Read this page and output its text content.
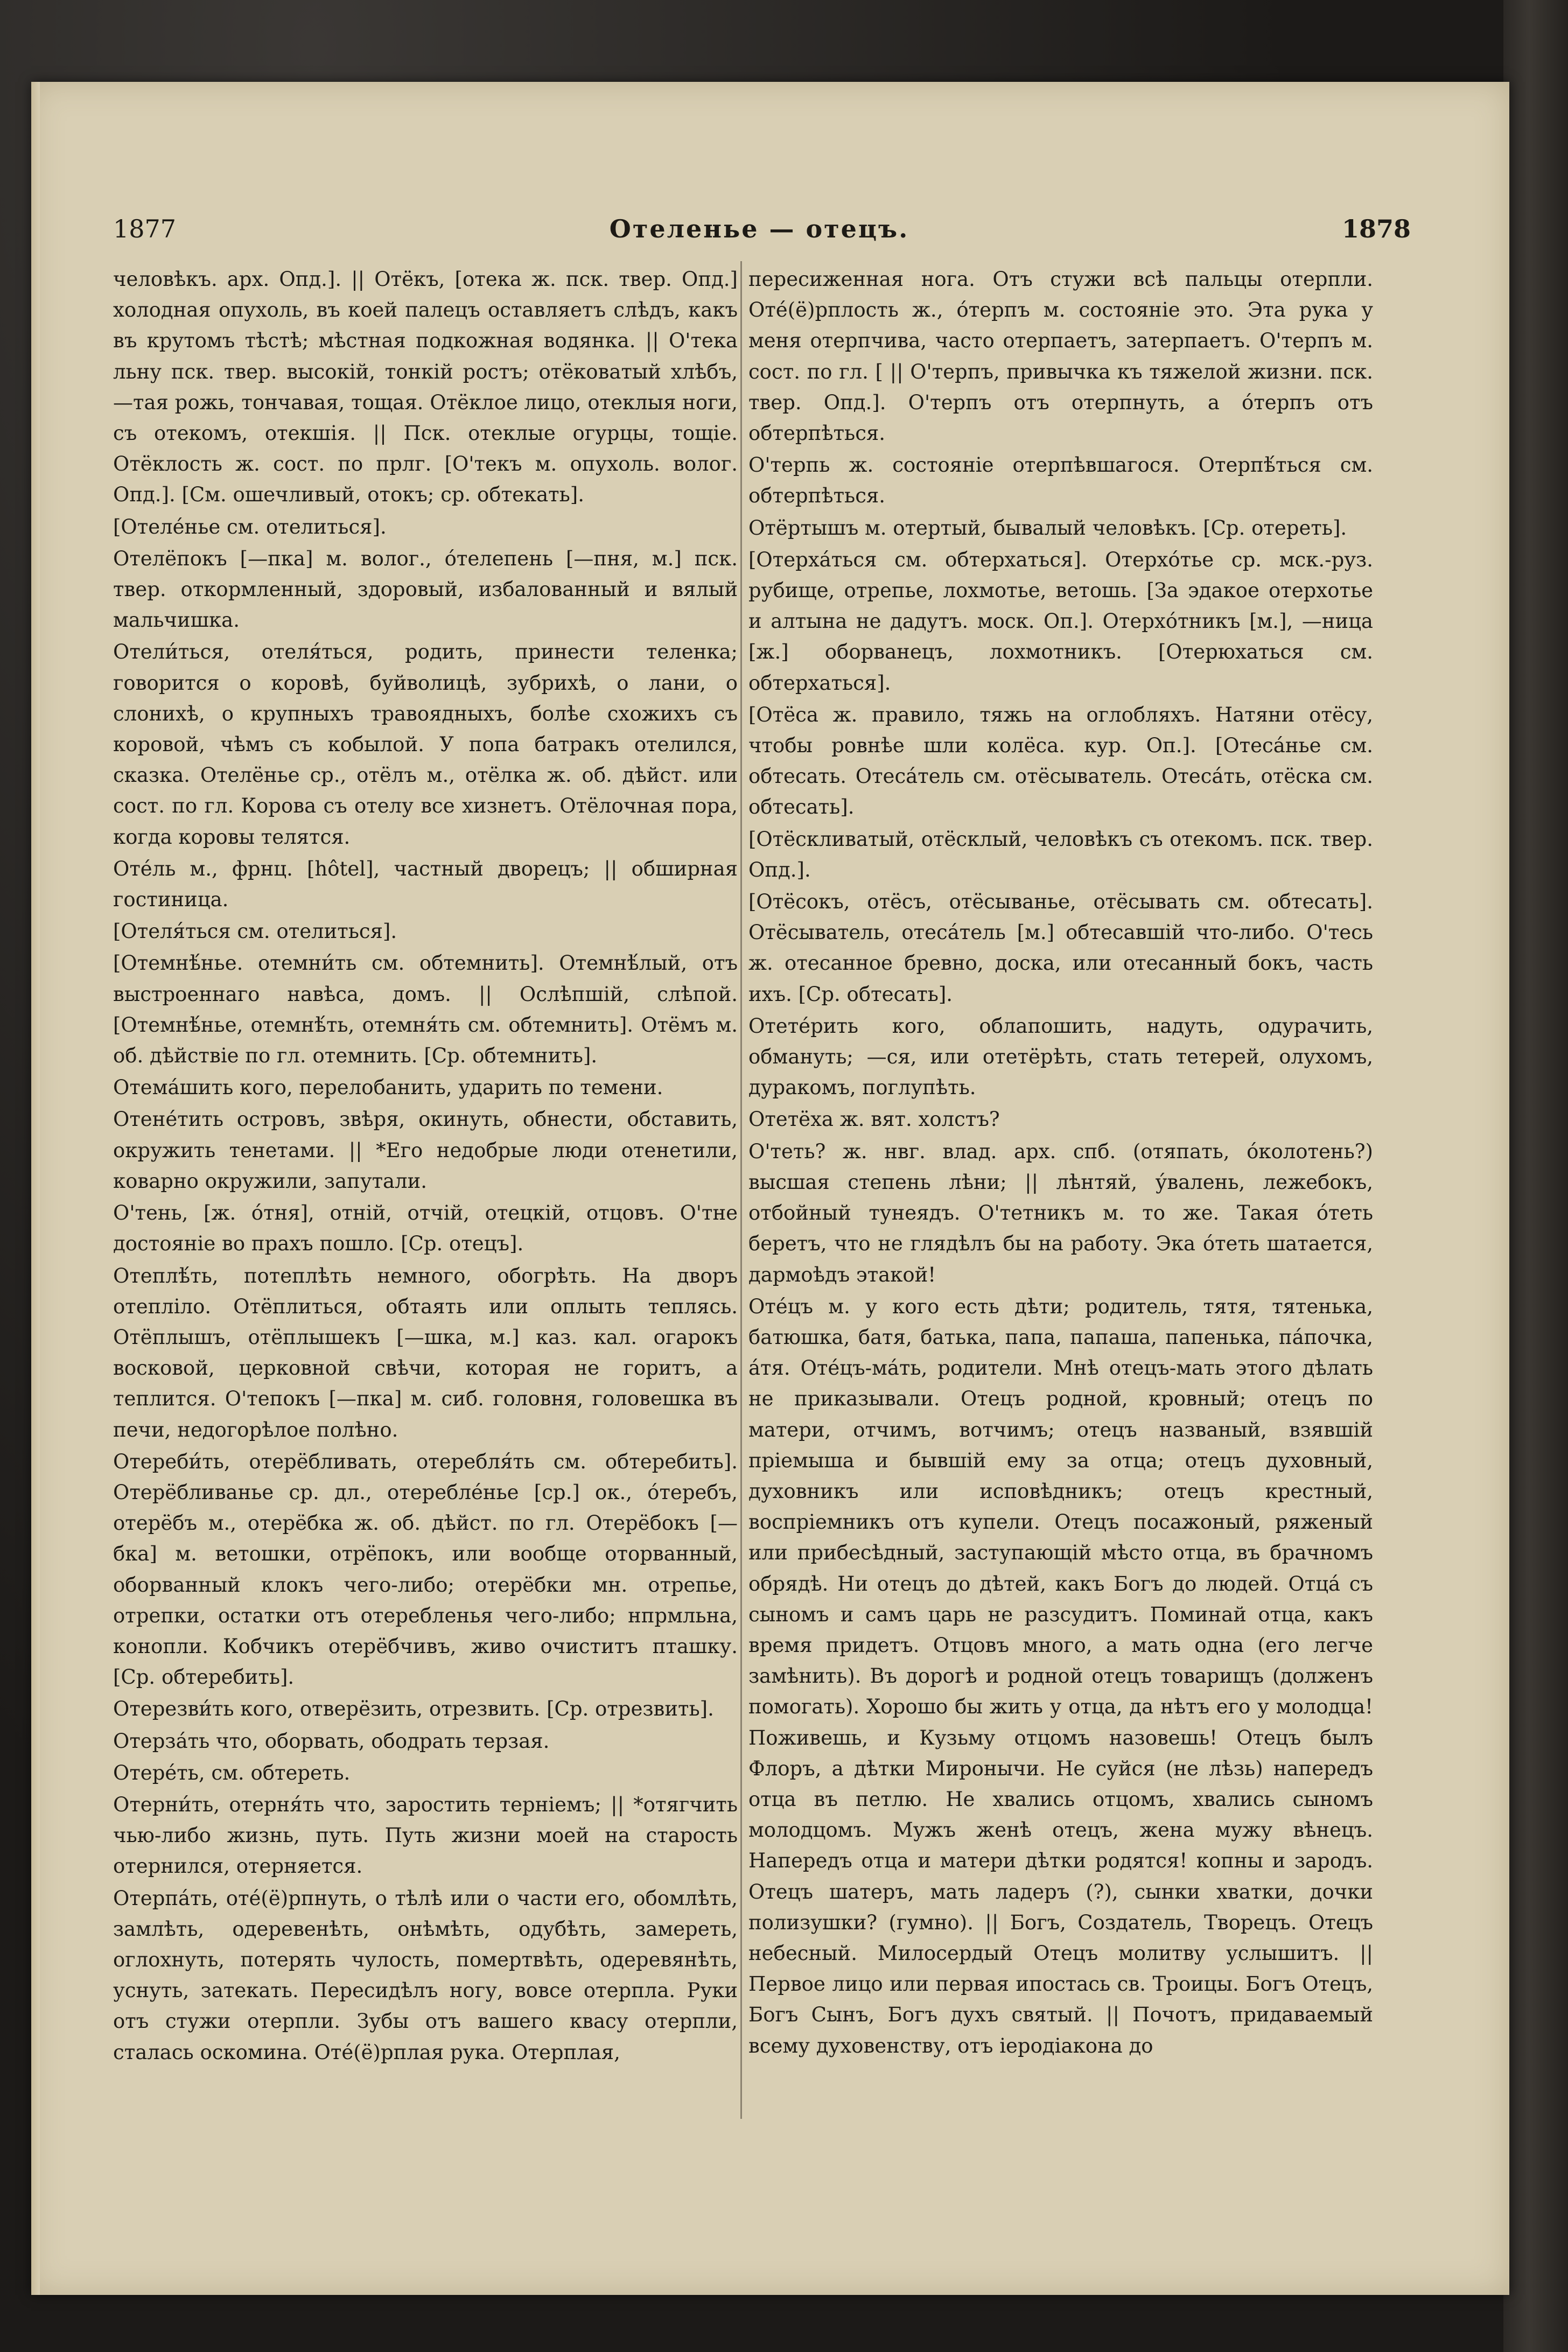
1877	Отеленье — отецъ.	1878

человѣкъ. арх. Опд.]. || Отёкъ, [отека ж. пск. твер. Опд.] холодная опухоль, въ коей палецъ оставляетъ слѣдъ, какъ въ крутомъ тѣстѣ; мѣстная подкожная водянка. || О'тека льну пск. твер. высокій, тонкій ростъ; отёковатый хлѣбъ, —тая рожь, тончавая, тощая. Отёклое лицо, отеклыя ноги, съ отекомъ, отекшія. || Пск. отеклые огурцы, тощіе. Отёклость ж. сост. по прлг. [О'текъ м. опухоль. волог. Опд.]. [См. ошечливый, отокъ; ср. обтекать].

[Отеле́нье см. отелиться].

Отелёпокъ [—пка] м. волог., о́телепень [—пня, м.] пск. твер. откормленный, здоровый, избалованный и вялый мальчишка.

Отели́ться, отеля́ться, родить, принести теленка; говорится о коровѣ, буйволицѣ, зубрихѣ, о лани, о слонихѣ, о крупныхъ травоядныхъ, болѣе схожихъ съ коровой, чѣмъ съ кобылой. У попа батракъ отелился, сказка. Отелёнье ср., отёлъ м., отёлка ж. об. дѣйст. или сост. по гл. Корова съ отелу все хизнетъ. Отёлочная пора, когда коровы телятся.

Отéль м., фрнц. [hôtel], частный дворецъ; || обширная гостиница.

[Отеля́ться см. отелиться].

[Отемнѣ́нье. отемни́ть см. обтемнить]. Отемнѣ́лый, отъ выстроеннаго навѣса, домъ. || Ослѣпшій, слѣпой. [Отемнѣ́нье, отемнѣ́ть, отемня́ть см. обтемнить]. Отёмъ м. об. дѣйствіе по гл. отемнить. [Ср. обтемнить].

Отема́шить кого, перелобанить, ударить по темени.

Отене́тить островъ, звѣря, окинуть, обнести, обставить, окружить тенетами. || *Его недобрые люди отенетили, коварно окружили, запутали.

О'тень, [ж. о́тня], отній, отчій, отецкій, отцовъ. О'тне достояніе во прахъ пошло. [Ср. отецъ].

Отеплѣ́ть, потеплѣть немного, обогрѣть. На дворъ отепліло. Отёплиться, обтаять или оплыть теплясь. Отёплышъ, отёплышекъ [—шка, м.] каз. кал. огарокъ восковой, церковной свѣчи, которая не горитъ, а теплится. О'тепокъ [—пка] м. сиб. головня, головешка въ печи, недогорѣлое полѣно.

Отереби́ть, отерёбливать, отеребля́ть см. обтеребить]. Отерёбливанье ср. дл., отеребле́нье [ср.] ок., о́теребъ, отерёбъ м., отерёбка ж. об. дѣйст. по гл. Отерёбокъ [—бка] м. ветошки, отрёпокъ, или вообще оторванный, оборванный клокъ чего-либо; отерёбки мн. отрепье, отрепки, остатки отъ отеребленья чего-либо; нпрмльна, конопли. Кобчикъ отерёбчивъ, живо очиститъ пташку. [Ср. обтеребить].

Отерезви́ть кого, отверёзить, отрезвить. [Ср. отрезвить].

Отерза́ть что, оборвать, ободрать терзая.

Отере́ть, см. обтереть.

Отерни́ть, отерня́ть что, заростить терніемъ; || *отягчить чью-либо жизнь, путь. Путь жизни моей на старость отернился, отерняется.

Отерпа́ть, оте́(ё)рпнуть, о тѣлѣ или о части его, обомлѣть, замлѣть, одеревенѣть, онѣмѣть, одубѣть, замереть, оглохнуть, потерять чулость, помертвѣть, одеревянѣть, уснуть, затекать. Пересидѣлъ ногу, вовсе отерпла. Руки отъ стужи отерпли. Зубы отъ вашего квасу отерпли, сталась оскомина. Оте́(ё)рплая рука. Отерплая,

пересиженная нога. Отъ стужи всѣ пальцы отерпли. Оте́(ё)рплость ж., о́терпъ м. состояніе это. Эта рука у меня отерпчива, часто отерпаетъ, затерпаетъ. О'терпъ м. сост. по гл. [ || О'терпъ, привычка къ тяжелой жизни. пск. твер. Опд.]. О'терпъ отъ отерпнуть, а о́терпъ отъ обтерпѣться.

О'терпь ж. состояніе отерпѣвшагося. Отерпѣ́ться см. обтерпѣться.

Отёртышъ м. отертый, бывалый человѣкъ. [Ср. отереть].

[Отерха́ться см. обтерхаться]. Отерхо́тье ср. мск.-руз. рубище, отрепье, лохмотье, ветошь. [За эдакое отерхотье и алтына не дадутъ. моск. Оп.]. Отерхо́тникъ [м.], —ница [ж.] оборванецъ, лохмотникъ. [Отерюхаться см. обтерхаться].

[Отёса ж. правило, тяжь на оглобляхъ. Натяни отёсу, чтобы ровнѣе шли колёса. кур. Оп.]. [Отеса́нье см. обтесать. Отеса́тель см. отёсыватель. Отеса́ть, отёска см. обтесать].

[Отёскливатый, отёсклый, человѣкъ съ отекомъ. пск. твер. Опд.].

[Отёсокъ, отёсъ, отёсыванье, отёсывать см. обтесать]. Отёсыватель, отеса́тель [м.] обтесавшій что-либо. О'тесь ж. отесанное бревно, доска, или отесанный бокъ, часть ихъ. [Ср. обтесать].

Отетéрить кого, облапошить, надуть, одурачить, обмануть; —ся, или отетёрѣть, стать тетерей, олухомъ, дуракомъ, поглупѣть.

Отетёха ж. вят. холстъ?

О'теть? ж. нвг. влад. арх. спб. (отяпать, о́колотень?) высшая степень лѣни; || лѣнтяй, у́валень, лежебокъ, отбойный тунеядъ. О'тетникъ м. то же. Такая о́теть беретъ, что не глядѣлъ бы на работу. Эка о́теть шатается, дармоѣдъ этакой!

Отéцъ м. у кого есть дѣти; родитель, тятя, тятенька, батюшка, батя, батька, папа, папаша, папенька, па́почка, а́тя. Отéцъ-ма́ть, родители. Мнѣ отецъ-мать этого дѣлать не приказывали. Отецъ родной, кровный; отецъ по матери, отчимъ, вотчимъ; отецъ названый, взявшій пріемыша и бывшій ему за отца; отецъ духовный, духовникъ или исповѣдникъ; отецъ крестный, воспріемникъ отъ купели. Отецъ посажоный, ряженый или прибесѣдный, заступающій мѣсто отца, въ брачномъ обрядѣ. Ни отецъ до дѣтей, какъ Богъ до людей. Отца́ съ сыномъ и самъ царь не разсудитъ. Поминай отца, какъ время придетъ. Отцовъ много, а мать одна (его легче замѣнить). Въ дорогѣ и родной отецъ товарищъ (долженъ помогать). Хорошо бы жить у отца, да нѣтъ его у молодца! Поживешь, и Кузьму отцомъ назовешь! Отецъ былъ Флоръ, а дѣтки Миронычи. Не суйся (не лѣзь) напередъ отца въ петлю. Не хвались отцомъ, хвались сыномъ молодцомъ. Мужъ женѣ отецъ, жена мужу вѣнецъ. Напередъ отца и матери дѣтки родятся! копны и зародъ. Отецъ шатеръ, мать ладеръ (?), сынки хватки, дочки полизушки? (гумно). || Богъ, Создатель, Творецъ. Отецъ небесный. Милосердый Отецъ молитву услышитъ. || Первое лицо или первая ипостась св. Троицы. Богъ Отецъ, Богъ Сынъ, Богъ духъ святый. || Почотъ, придаваемый всему духовенству, отъ іеродіакона до
